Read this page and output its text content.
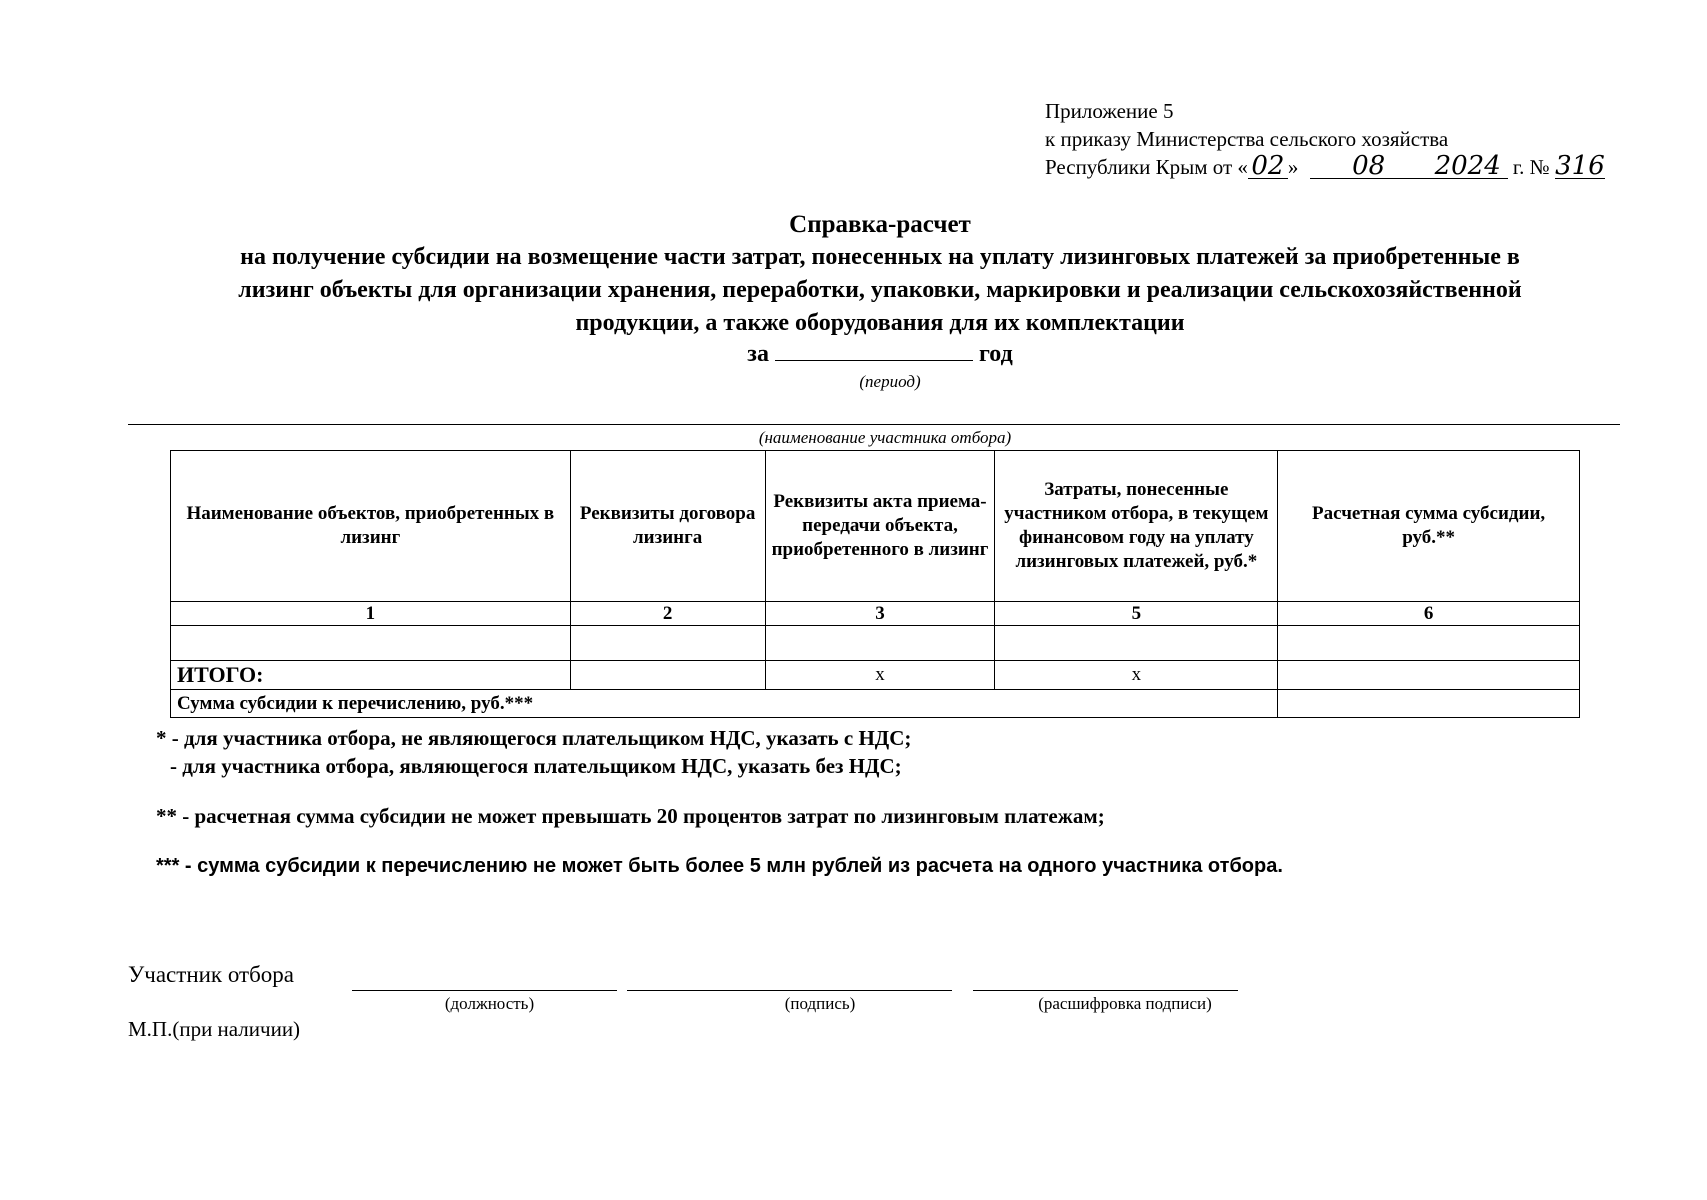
Приложение 5
к приказу Министерства сельского хозяйства
Республики Крым от « 02 » 08 2024 г. № 316
Справка-расчет
на получение субсидии на возмещение части затрат, понесенных на уплату лизинговых платежей за приобретенные в
лизинг объекты для организации хранения, переработки, упаковки, маркировки и реализации сельскохозяйственной
продукции, а также оборудования для их комплектации
за	год
(период)
(наименование участника отбора)
Наименование объектов, приобретенных в лизинг	Реквизиты договора лизинга	Реквизиты акта приема-передачи объекта, приобретенного в лизинг	Затраты, понесенные участником отбора, в текущем финансовом году на уплату лизинговых платежей, руб.*	Расчетная сумма субсидии, руб.**
1	2	3	5	6

ИТОГО:		х	х	
Сумма субсидии к перечислению, руб.***				
* - для участника отбора, не являющегося плательщиком НДС, указать с НДС;
- для участника отбора, являющегося плательщиком НДС, указать без НДС;
** - расчетная сумма субсидии не может превышать 20 процентов затрат по лизинговым платежам;
*** - сумма субсидии к перечислению не может быть более 5 млн рублей из расчета на одного участника отбора.
Участник отбора
(должность)	(подпись)	(расшифровка подписи)
М.П.(при наличии)
